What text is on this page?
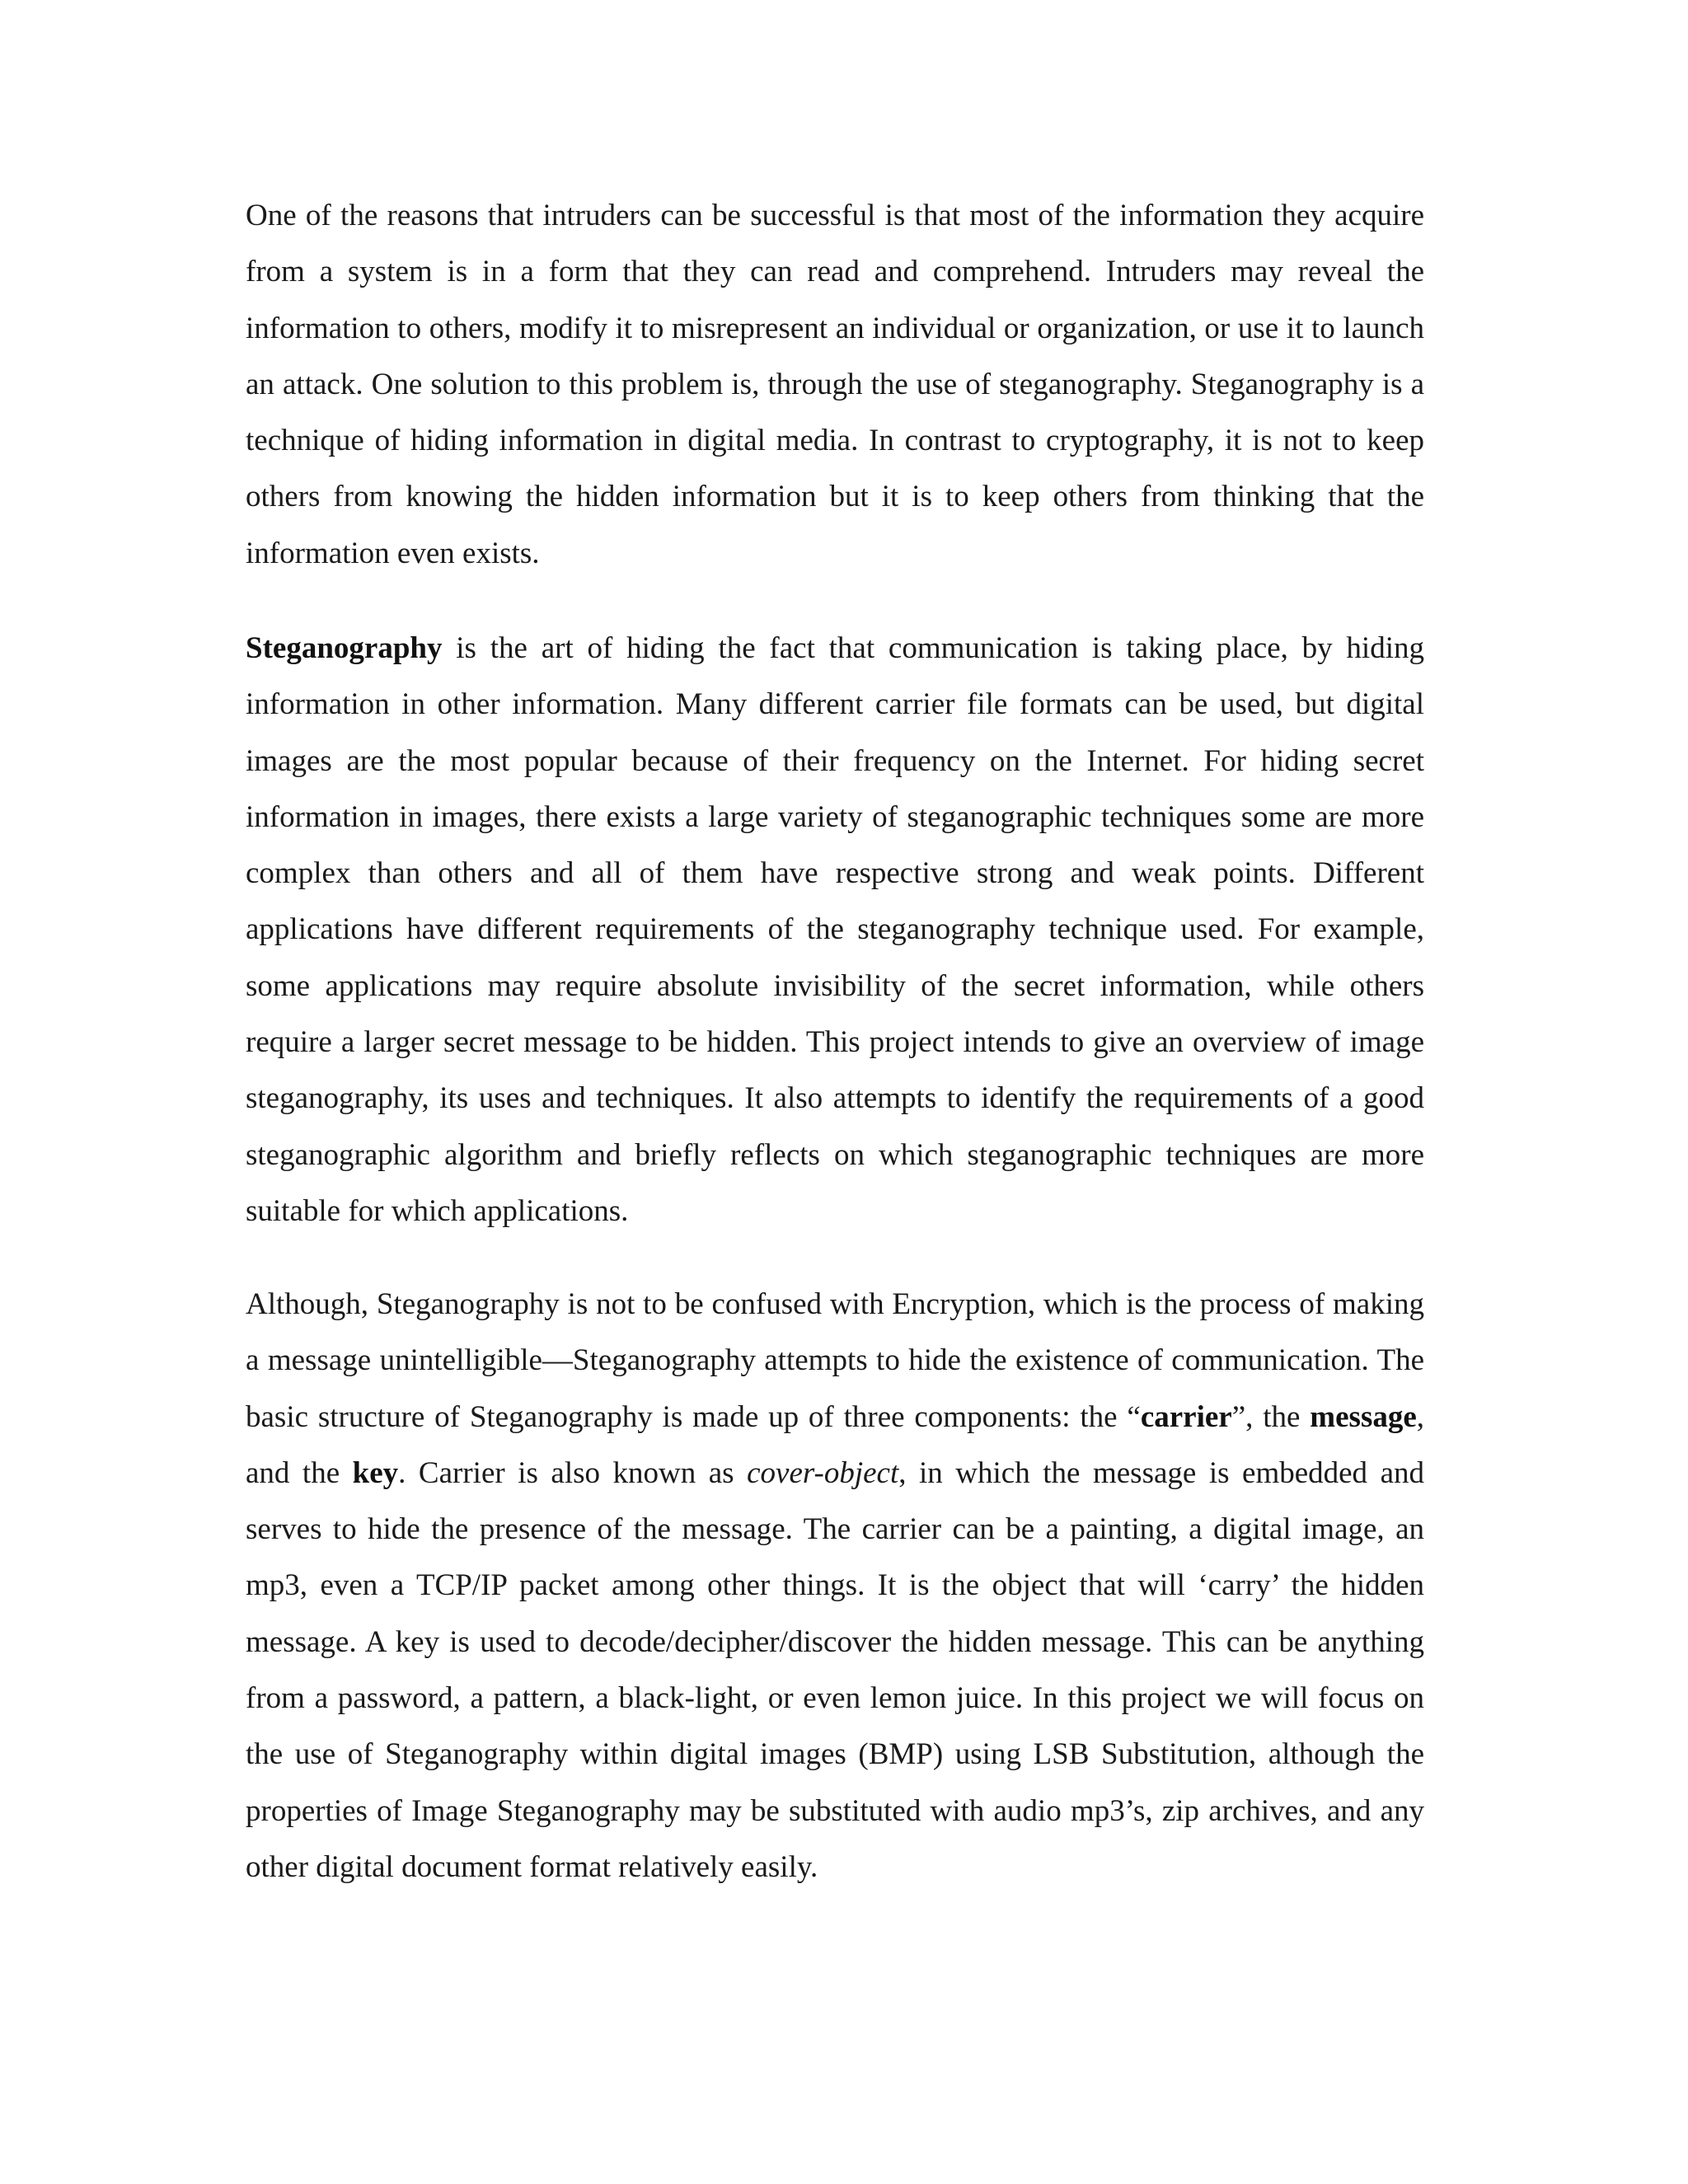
One of the reasons that intruders can be successful is that most of the information they acquire from a system is in a form that they can read and comprehend. Intruders may reveal the information to others, modify it to misrepresent an individual or organization, or use it to launch an attack. One solution to this problem is, through the use of steganography. Steganography is a technique of hiding information in digital media. In contrast to cryptography, it is not to keep others from knowing the hidden information but it is to keep others from thinking that the information even exists.

Steganography is the art of hiding the fact that communication is taking place, by hiding information in other information. Many different carrier file formats can be used, but digital images are the most popular because of their frequency on the Internet. For hiding secret information in images, there exists a large variety of steganographic techniques some are more complex than others and all of them have respective strong and weak points. Different applications have different requirements of the steganography technique used. For example, some applications may require absolute invisibility of the secret information, while others require a larger secret message to be hidden. This project intends to give an overview of image steganography, its uses and techniques. It also attempts to identify the requirements of a good steganographic algorithm and briefly reflects on which steganographic techniques are more suitable for which applications.

Although, Steganography is not to be confused with Encryption, which is the process of making a message unintelligible—Steganography attempts to hide the existence of communication. The basic structure of Steganography is made up of three components: the “carrier”, the message, and the key. Carrier is also known as cover-object, in which the message is embedded and serves to hide the presence of the message. The carrier can be a painting, a digital image, an mp3, even a TCP/IP packet among other things. It is the object that will ‘carry’ the hidden message. A key is used to decode/decipher/discover the hidden message. This can be anything from a password, a pattern, a black-light, or even lemon juice. In this project we will focus on the use of Steganography within digital images (BMP) using LSB Substitution, although the properties of Image Steganography may be substituted with audio mp3’s, zip archives, and any other digital document format relatively easily.
